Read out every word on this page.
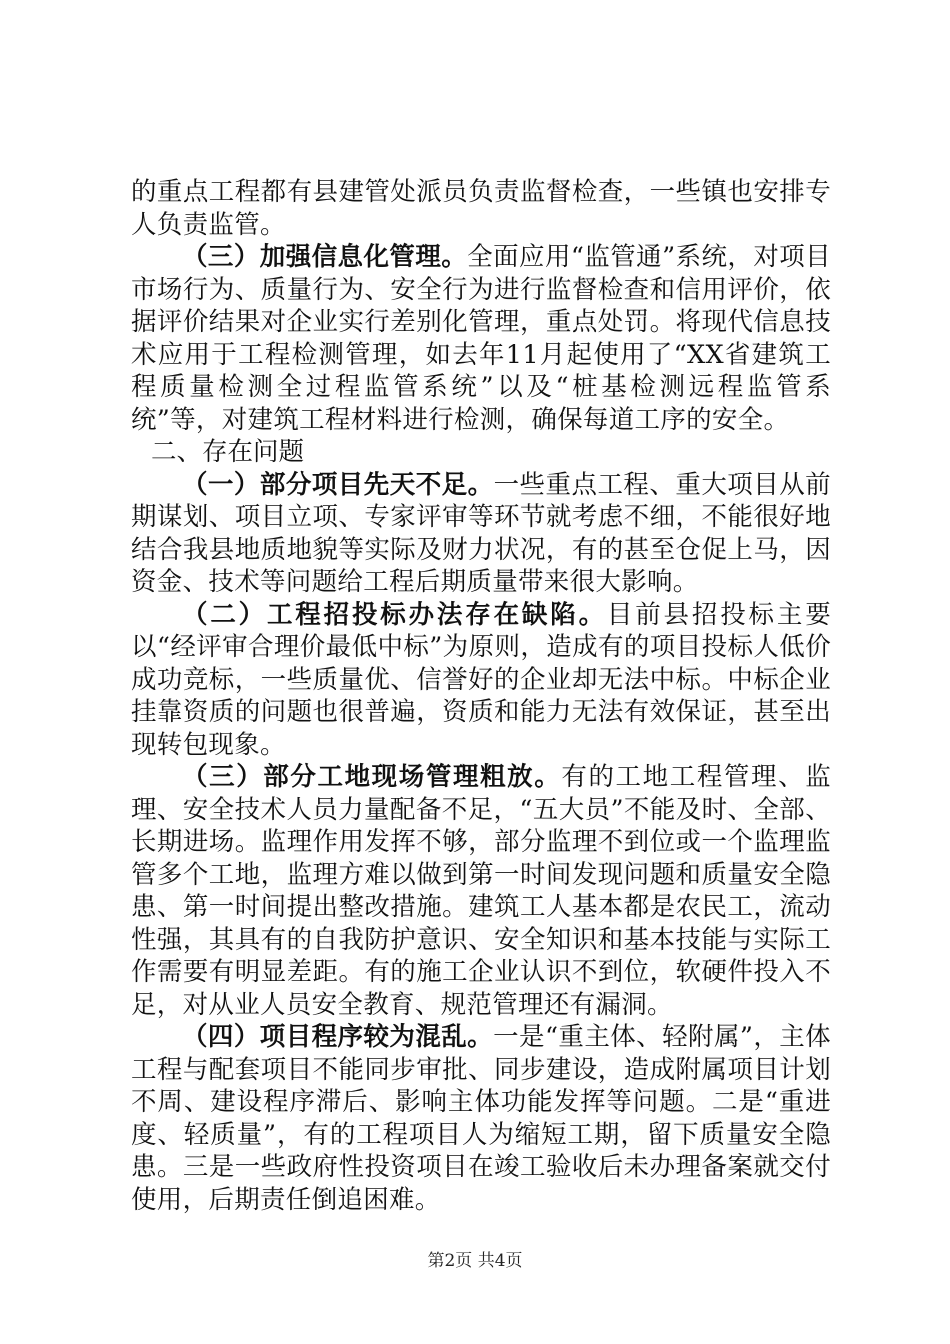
的重点工程都有县建管处派员负责监督检查，一些镇也安排专人负责监管。

（三）加强信息化管理。全面应用“监管通”系统，对项目市场行为、质量行为、安全行为进行监督检查和信用评价，依据评价结果对企业实行差别化管理，重点处罚。将现代信息技术应用于工程检测管理，如去年11月起使用了“XX省建筑工程质量检测全过程监管系统”以及“桩基检测远程监管系统”等，对建筑工程材料进行检测，确保每道工序的安全。

二、存在问题

（一）部分项目先天不足。一些重点工程、重大项目从前期谋划、项目立项、专家评审等环节就考虑不细，不能很好地结合我县地质地貌等实际及财力状况，有的甚至仓促上马，因资金、技术等问题给工程后期质量带来很大影响。

（二）工程招投标办法存在缺陷。目前县招投标主要以“经评审合理价最低中标”为原则，造成有的项目投标人低价成功竞标，一些质量优、信誉好的企业却无法中标。中标企业挂靠资质的问题也很普遍，资质和能力无法有效保证，甚至出现转包现象。

（三）部分工地现场管理粗放。有的工地工程管理、监理、安全技术人员力量配备不足，“五大员”不能及时、全部、长期进场。监理作用发挥不够，部分监理不到位或一个监理监管多个工地，监理方难以做到第一时间发现问题和质量安全隐患、第一时间提出整改措施。建筑工人基本都是农民工，流动性强，其具有的自我防护意识、安全知识和基本技能与实际工作需要有明显差距。有的施工企业认识不到位，软硬件投入不足，对从业人员安全教育、规范管理还有漏洞。

（四）项目程序较为混乱。一是“重主体、轻附属”，主体工程与配套项目不能同步审批、同步建设，造成附属项目计划不周、建设程序滞后、影响主体功能发挥等问题。二是“重进度、轻质量”，有的工程项目人为缩短工期，留下质量安全隐患。三是一些政府性投资项目在竣工验收后未办理备案就交付使用，后期责任倒追困难。

第2页 共4页
